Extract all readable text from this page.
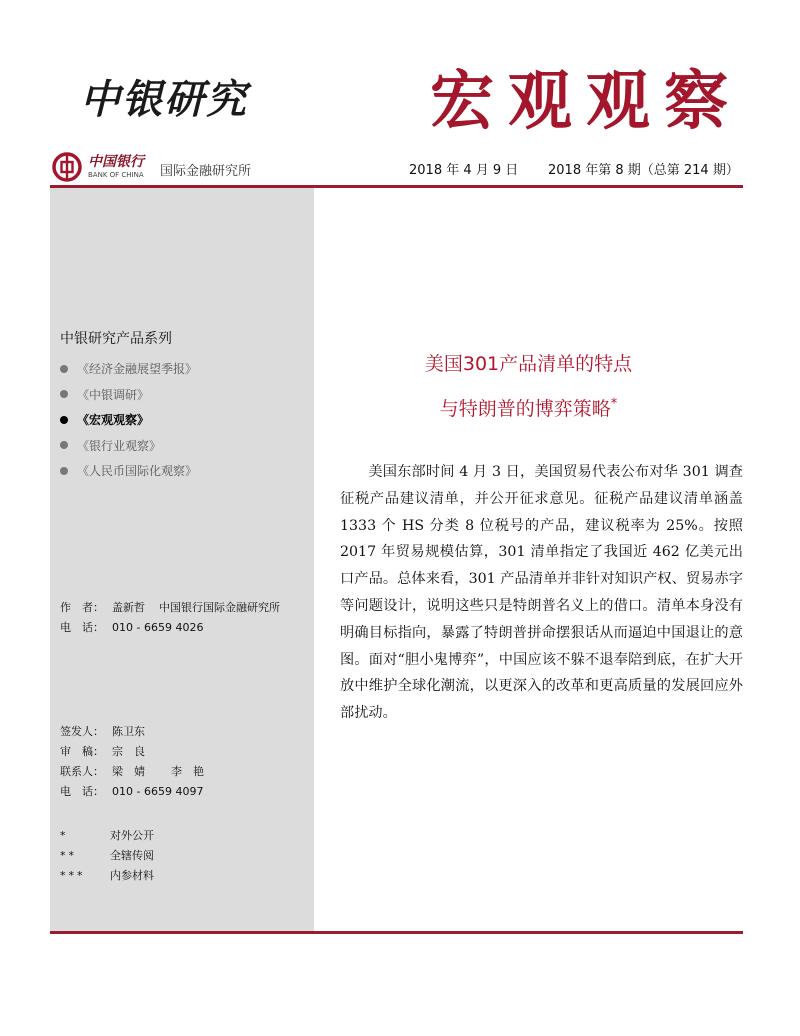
中银研究	宏观观察
中国银行
BANK OF CHINA 国际金融研究所	2018 年 4 月 9 日 2018 年第 8 期（总第 214 期）
中银研究产品系列
《经济金融展望季报》
《中银调研》
《宏观观察》
《银行业观察》
《人民币国际化观察》
作　者： 盖新哲 中国银行国际金融研究所
电　话： 010 - 6659 4026
签发人： 陈卫东
审　稿： 宗　良
联系人： 梁　婧 李　艳
电　话： 010 - 6659 4097
*	对外公开
**	全辖传阅
*** 内参材料
美国301产品清单的特点
与特朗普的博弈策略*

美国东部时间 4 月 3 日，美国贸易代表公布对华 301 调查征税产品建议清单，并公开征求意见。征税产品建议清单涵盖 1333 个 HS 分类 8 位税号的产品，建议税率为 25%。按照 2017 年贸易规模估算，301 清单指定了我国近 462 亿美元出口产品。总体来看，301 产品清单并非针对知识产权、贸易赤字等问题设计，说明这些只是特朗普名义上的借口。清单本身没有明确目标指向，暴露了特朗普拼命摆狠话从而逼迫中国退让的意图。面对“胆小鬼博弈”，中国应该不躲不退奉陪到底，在扩大开放中维护全球化潮流，以更深入的改革和更高质量的发展回应外部扰动。
